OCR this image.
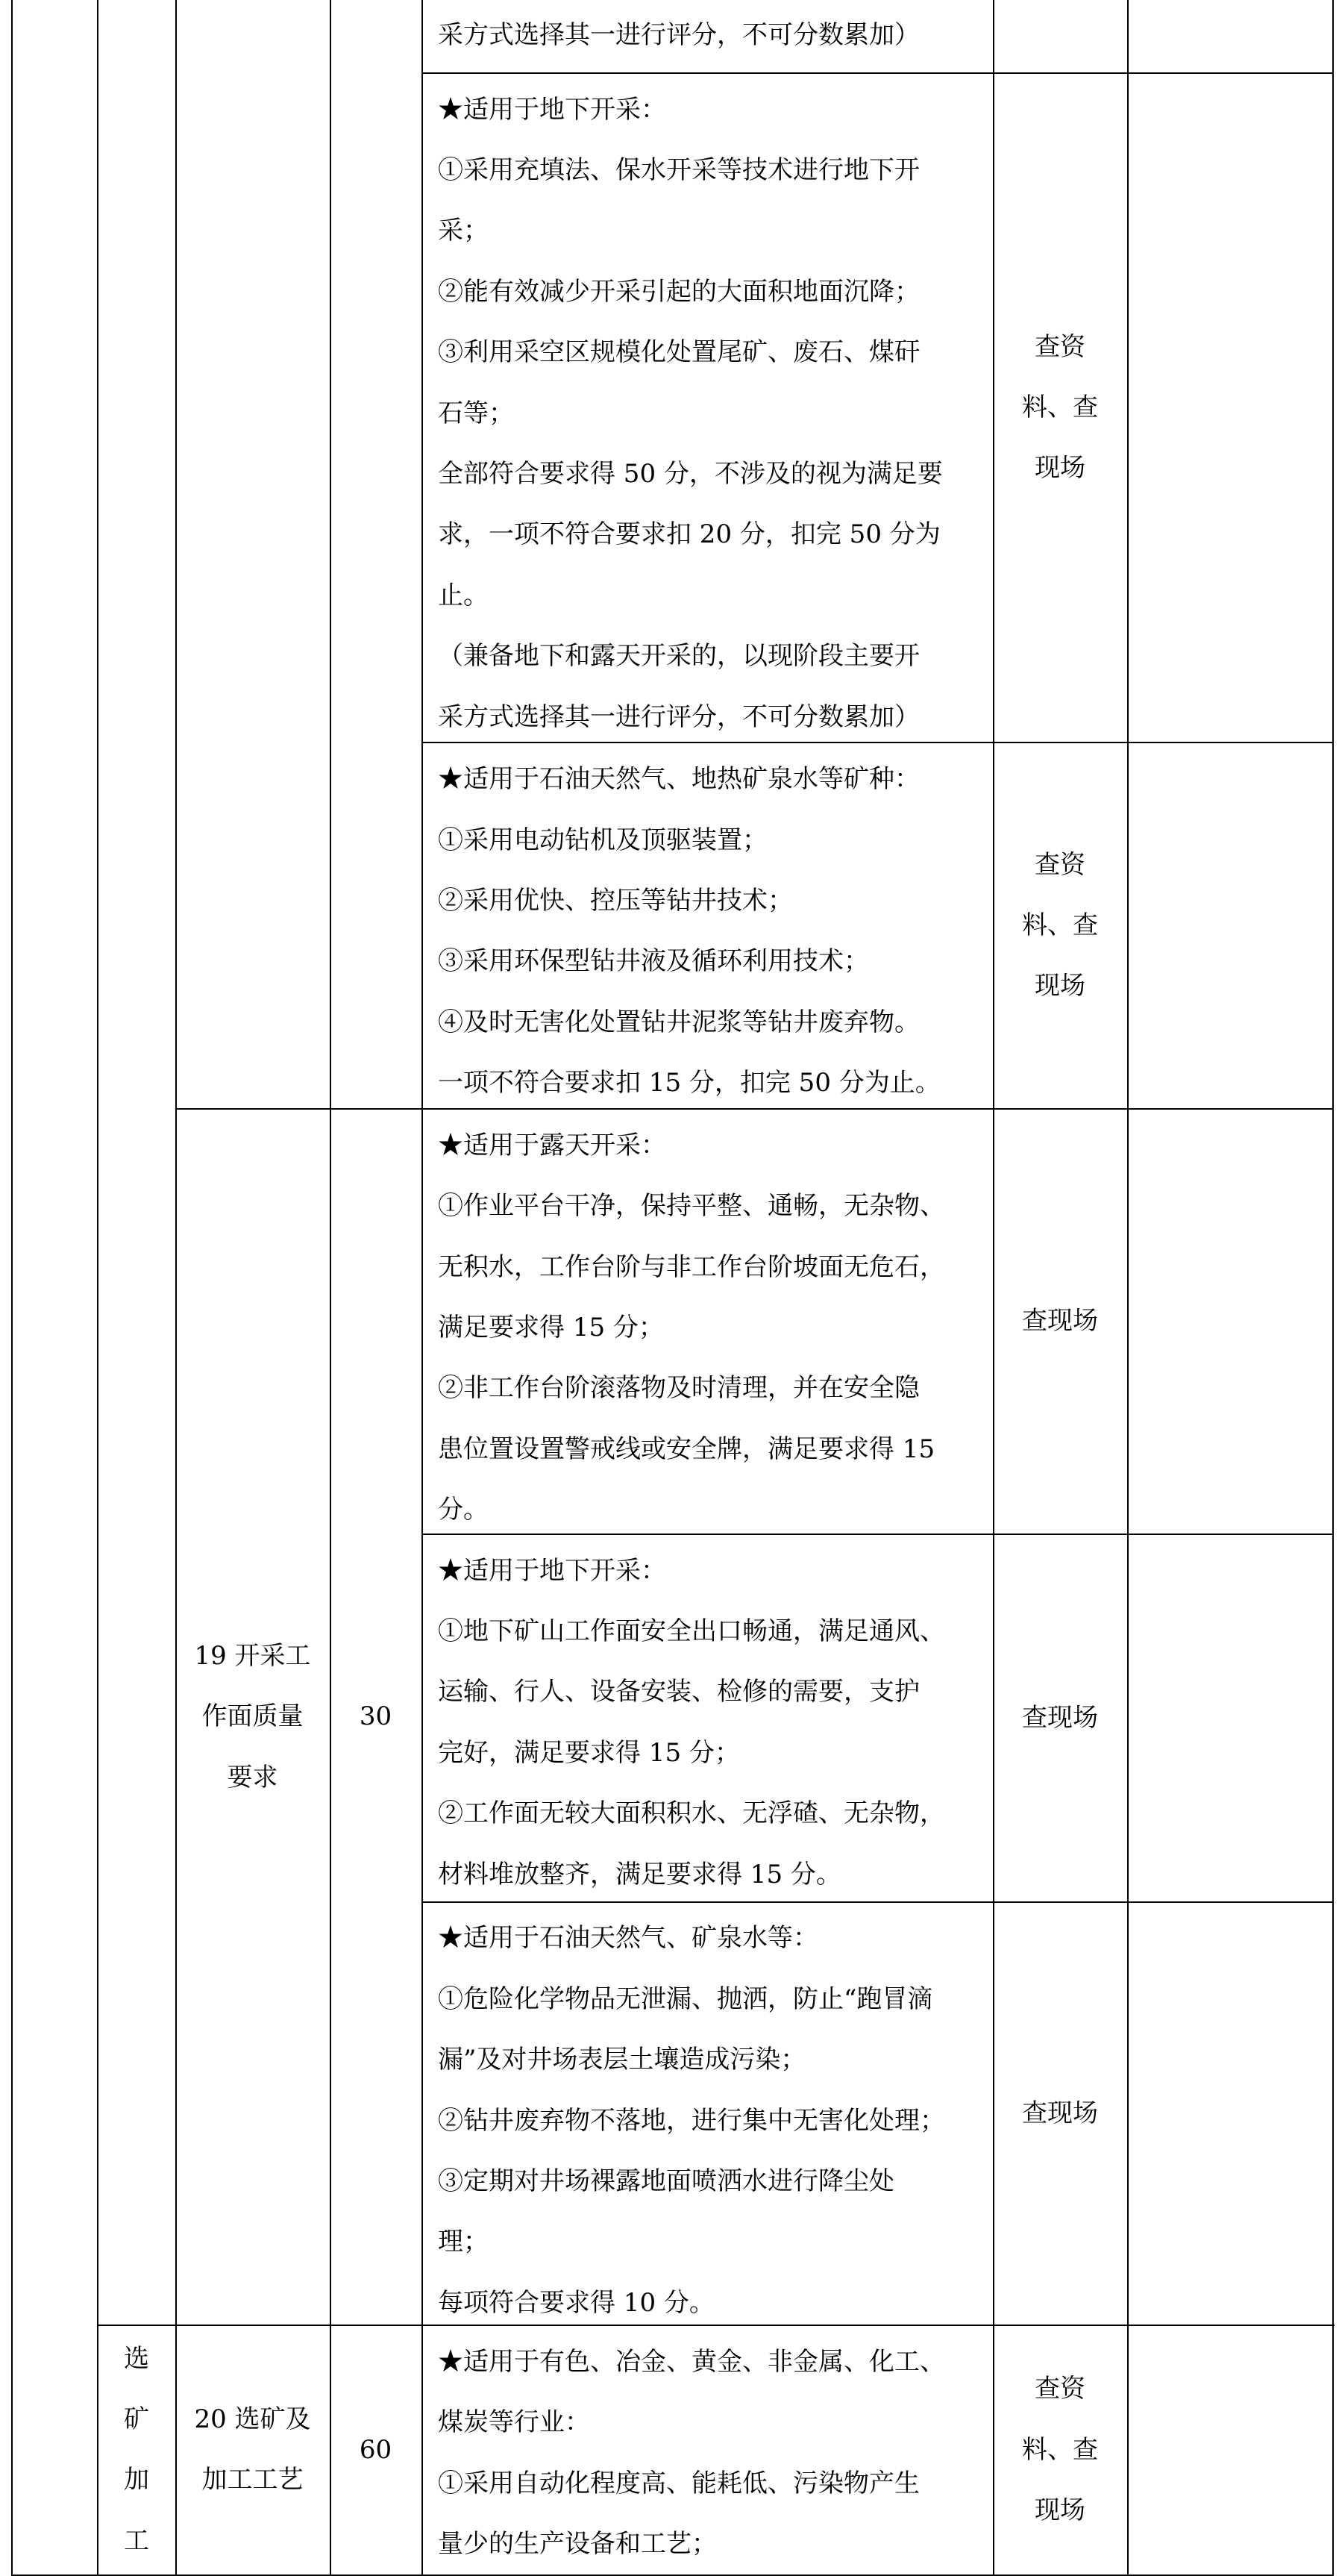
采方式选择其一进行评分，不可分数累加）
★适用于地下开采：
①采用充填法、保水开采等技术进行地下开
采；
②能有效减少开采引起的大面积地面沉降；
③利用采空区规模化处置尾矿、废石、煤矸
石等；
全部符合要求得 50 分，不涉及的视为满足要
求，一项不符合要求扣 20 分，扣完 50 分为
止。
（兼备地下和露天开采的，以现阶段主要开
采方式选择其一进行评分，不可分数累加）
查资
料、查
现场
★适用于石油天然气、地热矿泉水等矿种：
①采用电动钻机及顶驱装置；
②采用优快、控压等钻井技术；
③采用环保型钻井液及循环利用技术；
④及时无害化处置钻井泥浆等钻井废弃物。
一项不符合要求扣 15 分，扣完 50 分为止。
查资
料、查
现场
★适用于露天开采：
①作业平台干净，保持平整、通畅，无杂物、
无积水，工作台阶与非工作台阶坡面无危石，
满足要求得 15 分；
②非工作台阶滚落物及时清理，并在安全隐
患位置设置警戒线或安全牌，满足要求得 15
分。
查现场
★适用于地下开采：
①地下矿山工作面安全出口畅通，满足通风、
运输、行人、设备安装、检修的需要，支护
完好，满足要求得 15 分；
②工作面无较大面积积水、无浮碴、无杂物，
材料堆放整齐，满足要求得 15 分。
查现场
★适用于石油天然气、矿泉水等：
①危险化学物品无泄漏、抛洒，防止“跑冒滴
漏”及对井场表层土壤造成污染；
②钻井废弃物不落地，进行集中无害化处理；
③定期对井场裸露地面喷洒水进行降尘处
理；
每项符合要求得 10 分。
查现场
★适用于有色、冶金、黄金、非金属、化工、
煤炭等行业：
①采用自动化程度高、能耗低、污染物产生
量少的生产设备和工艺；
查资
料、查
现场
19 开采工
作面质量
要求
30
20 选矿及
加工工艺
60
选
矿
加
工
